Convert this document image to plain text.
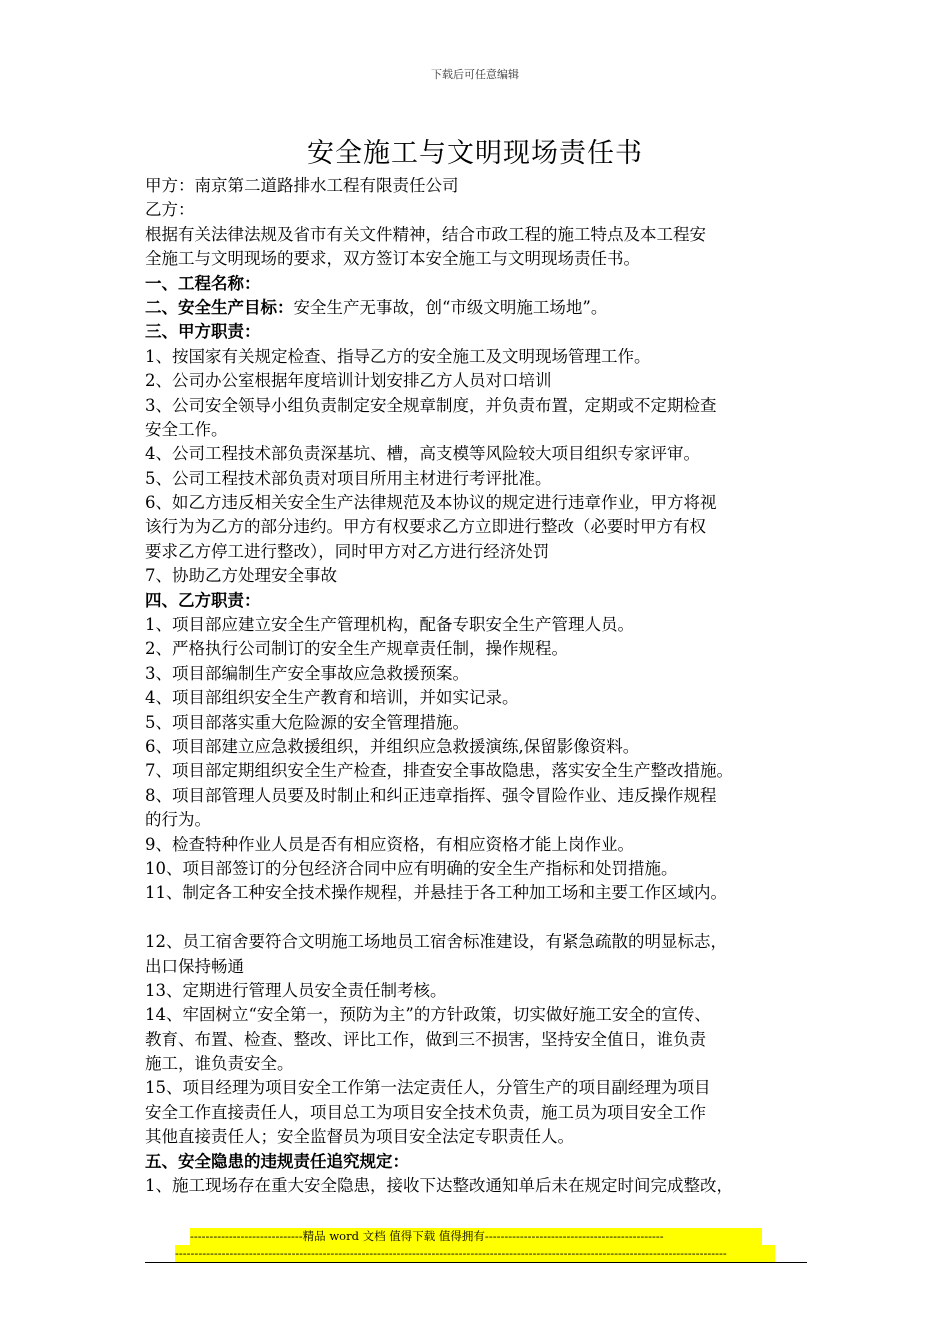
下载后可任意编辑
安全施工与文明现场责任书
甲方：南京第二道路排水工程有限责任公司
乙方：
根据有关法律法规及省市有关文件精神，结合市政工程的施工特点及本工程安
全施工与文明现场的要求，双方签订本安全施工与文明现场责任书。
一、工程名称：
二、安全生产目标：安全生产无事故，创“市级文明施工场地”。
三、甲方职责：
1、按国家有关规定检查、指导乙方的安全施工及文明现场管理工作。
2、公司办公室根据年度培训计划安排乙方人员对口培训
3、公司安全领导小组负责制定安全规章制度，并负责布置，定期或不定期检查
安全工作。
4、公司工程技术部负责深基坑、槽，高支模等风险较大项目组织专家评审。
5、公司工程技术部负责对项目所用主材进行考评批准。
6、如乙方违反相关安全生产法律规范及本协议的规定进行违章作业，甲方将视
该行为为乙方的部分违约。甲方有权要求乙方立即进行整改（必要时甲方有权
要求乙方停工进行整改），同时甲方对乙方进行经济处罚
7、协助乙方处理安全事故
四、乙方职责：
1、项目部应建立安全生产管理机构，配备专职安全生产管理人员。
2、严格执行公司制订的安全生产规章责任制，操作规程。
3、项目部编制生产安全事故应急救援预案。
4、项目部组织安全生产教育和培训，并如实记录。
5、项目部落实重大危险源的安全管理措施。
6、项目部建立应急救援组织，并组织应急救援演练,保留影像资料。
7、项目部定期组织安全生产检查，排查安全事故隐患，落实安全生产整改措施。
8、项目部管理人员要及时制止和纠正违章指挥、强令冒险作业、违反操作规程
的行为。
9、检查特种作业人员是否有相应资格，有相应资格才能上岗作业。
10、项目部签订的分包经济合同中应有明确的安全生产指标和处罚措施。
11、制定各工种安全技术操作规程，并悬挂于各工种加工场和主要工作区域内。
12、员工宿舍要符合文明施工场地员工宿舍标准建设，有紧急疏散的明显标志，
出口保持畅通
13、定期进行管理人员安全责任制考核。
14、牢固树立“安全第一，预防为主”的方针政策，切实做好施工安全的宣传、
教育、布置、检查、整改、评比工作，做到三不损害，坚持安全值日，谁负责
施工，谁负责安全。
15、项目经理为项目安全工作第一法定责任人，分管生产的项目副经理为项目
安全工作直接责任人，项目总工为项目安全技术负责，施工员为项目安全工作
其他直接责任人；安全监督员为项目安全法定专职责任人。
五、安全隐患的违规责任追究规定：
1、施工现场存在重大安全隐患，接收下达整改通知单后未在规定时间完成整改，
-----------------------------精品 word 文档 值得下载 值得拥有----------------------------------------------
----------------------------------------------------------------------------------------------------------------------------------------------
